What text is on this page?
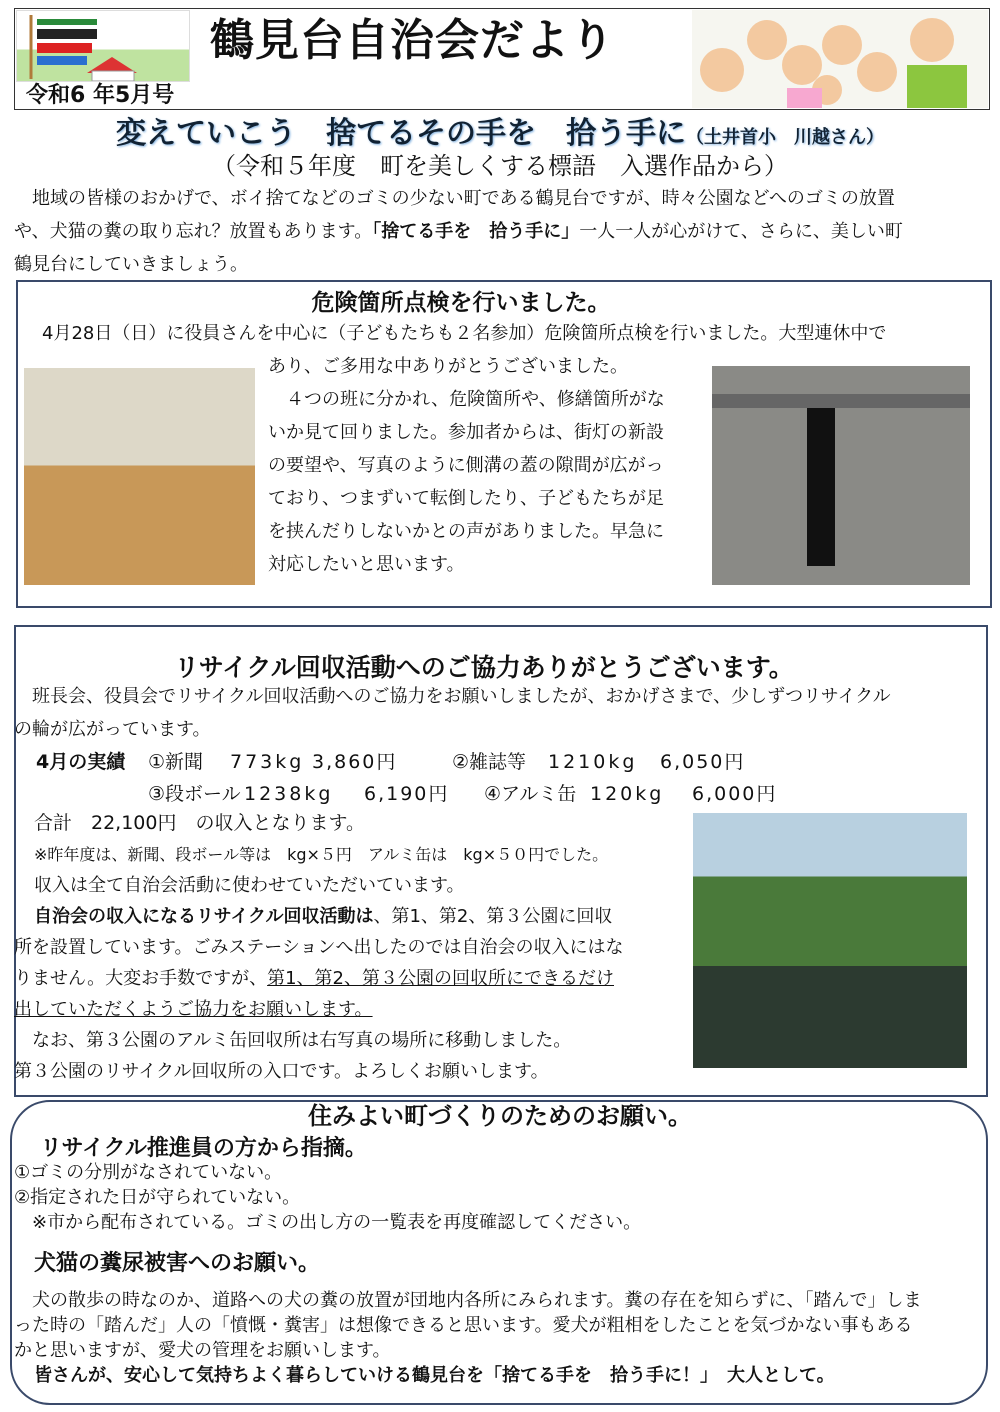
鶴見台自治会だより
令和6 年5月号
変えていこう　捨てるその手を　拾う手に（土井首小　川越さん）
（令和５年度　町を美しくする標語　入選作品から）
　地域の皆様のおかげで、ボイ捨てなどのゴミの少ない町である鶴見台ですが、時々公園などへのゴミの放置
や、犬猫の糞の取り忘れ？放置もあります。「捨てる手を　拾う手に」一人一人が心がけて、さらに、美しい町
鶴見台にしていきましょう。
危険箇所点検を行いました。
　4月28日（日）に役員さんを中心に（子どもたちも２名参加）危険箇所点検を行いました。大型連休中で
あり、ご多用な中ありがとうございました。
　４つの班に分かれ、危険箇所や、修繕箇所がな
いか見て回りました。参加者からは、街灯の新設
の要望や、写真のように側溝の蓋の隙間が広がっ
ており、つまずいて転倒したり、子どもたちが足
を挟んだりしないかとの声がありました。早急に
対応したいと思います。
リサイクル回収活動へのご協力ありがとうございます。
　班長会、役員会でリサイクル回収活動へのご協力をお願いしましたが、おかげさまで、少しずつリサイクル
の輪が広がっています。
4月の実績	①新聞	773kg 3,860円	②雑誌等	1210kg	6,050円
③段ボール 1238kg	6,190円	④アルミ缶 120kg	6,000円
合計　22,100円　の収入となります。
※昨年度は、新聞、段ボール等は　kg×５円　アルミ缶は　kg×５０円でした。
収入は全て自治会活動に使わせていただいています。
自治会の収入になるリサイクル回収活動は、第1、第2、第３公園に回収
所を設置しています。ごみステーションへ出したのでは自治会の収入にはな
りません。大変お手数ですが、第1、第2、第３公園の回収所にできるだけ
出していただくようご協力をお願いします。
　なお、第３公園のアルミ缶回収所は右写真の場所に移動しました。
第３公園のリサイクル回収所の入口です。よろしくお願いします。
住みよい町づくりのためのお願い。
リサイクル推進員の方から指摘。
①ゴミの分別がなされていない。
②指定された日が守られていない。
　※市から配布されている。ゴミの出し方の一覧表を再度確認してください。
犬猫の糞尿被害へのお願い。
　犬の散歩の時なのか、道路への犬の糞の放置が団地内各所にみられます。糞の存在を知らずに、「踏んで」しま
った時の「踏んだ」人の「憤慨・糞害」は想像できると思います。愛犬が粗相をしたことを気づかない事もある
かと思いますが、愛犬の管理をお願いします。
皆さんが、安心して気持ちよく暮らしていける鶴見台を「捨てる手を　拾う手に！」　大人として。
